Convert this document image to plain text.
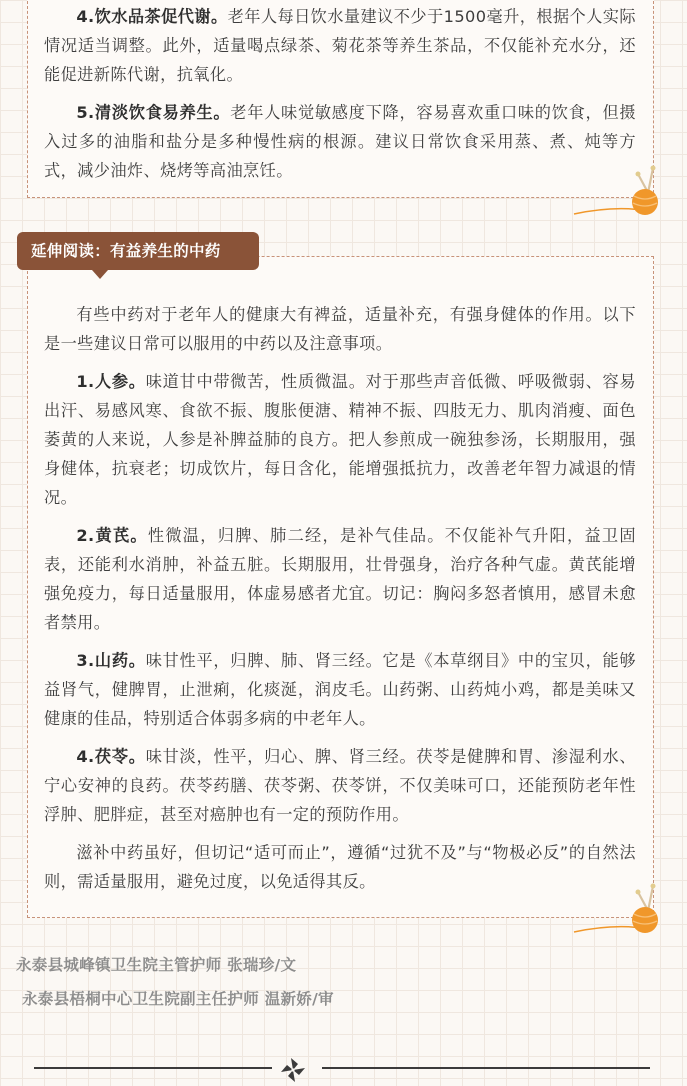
4.饮水品茶促代谢。老年人每日饮水量建议不少于1500毫升，根据个人实际情况适当调整。此外，适量喝点绿茶、菊花茶等养生茶品，不仅能补充水分，还能促进新陈代谢，抗氧化。

5.清淡饮食易养生。老年人味觉敏感度下降，容易喜欢重口味的饮食，但摄入过多的油脂和盐分是多种慢性病的根源。建议日常饮食采用蒸、煮、炖等方式，减少油炸、烧烤等高油烹饪。

延伸阅读：有益养生的中药

有些中药对于老年人的健康大有裨益，适量补充，有强身健体的作用。以下是一些建议日常可以服用的中药以及注意事项。

1.人参。味道甘中带微苦，性质微温。对于那些声音低微、呼吸微弱、容易出汗、易感风寒、食欲不振、腹胀便溏、精神不振、四肢无力、肌肉消瘦、面色萎黄的人来说，人参是补脾益肺的良方。把人参煎成一碗独参汤，长期服用，强身健体，抗衰老；切成饮片，每日含化，能增强抵抗力，改善老年智力减退的情况。

2.黄芪。性微温，归脾、肺二经，是补气佳品。不仅能补气升阳，益卫固表，还能利水消肿，补益五脏。长期服用，壮骨强身，治疗各种气虚。黄芪能增强免疫力，每日适量服用，体虚易感者尤宜。切记：胸闷多怒者慎用，感冒未愈者禁用。

3.山药。味甘性平，归脾、肺、肾三经。它是《本草纲目》中的宝贝，能够益肾气，健脾胃，止泄痢，化痰涎，润皮毛。山药粥、山药炖小鸡，都是美味又健康的佳品，特别适合体弱多病的中老年人。

4.茯苓。味甘淡，性平，归心、脾、肾三经。茯苓是健脾和胃、渗湿利水、宁心安神的良药。茯苓药膳、茯苓粥、茯苓饼，不仅美味可口，还能预防老年性浮肿、肥胖症，甚至对癌肿也有一定的预防作用。

滋补中药虽好，但切记“适可而止”，遵循“过犹不及”与“物极必反”的自然法则，需适量服用，避免过度，以免适得其反。

永泰县城峰镇卫生院主管护师 张瑞珍/文
永泰县梧桐中心卫生院副主任护师 温新娇/审
